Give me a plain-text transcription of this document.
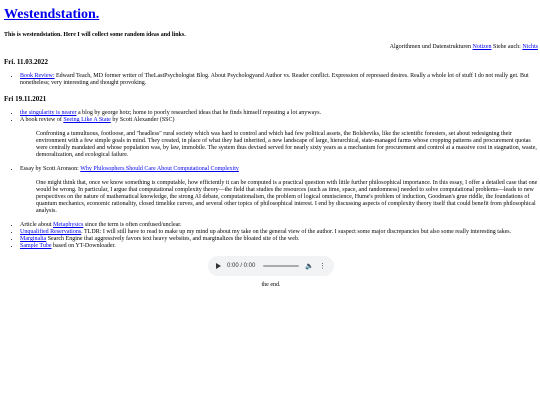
Westendstation.

This is westendstation. Here I will collect some random ideas and links.

Algorithmen und Datenstrukturen Notizen Siehe auch: Nichts
Fri. 11.03.2022
• Book Review: Edward Teach, MD former writer of TheLastPsychologist Blog. About Psychologyand Author vs. Reader conflict. Expression of repressed desires. Really a whole lot of stuff I do not really get. But nonetheless; very interesting and thought provoking.
Fri 19.11.2021
• the singularity is nearer a blog by george hotz; home to poorly researched ideas that he finds himself repeating a lot anyways.
• A book review of Seeing Like A State by Scott Alexander (SSC)
Confronting a tumultuous, footloose, and "headless" rural society which was hard to control and which had few political assets, the Bolsheviks, like the scientific foresters, set about redesigning their environment with a few simple goals in mind. They created, in place of what they had inherited, a new landscape of large, hierarchical, state-managed farms whose cropping patterns and procurement quotas were centrally mandated and whose population was, by law, immobile. The system thus devised served for nearly sixty years as a mechanism for procurement and control at a massive cost in stagnation, waste, demoralization, and ecological failure.
• Essay by Scott Aronson: Why Philosophers Should Care About Computational Complexity
One might think that, once we know something is computable, how efficiently it can be computed is a practical question with little further philosophical importance. In this essay, I offer a detailed case that one would be wrong. In particular, I argue that computational complexity theory—the field that studies the resources (such as time, space, and randomness) needed to solve computational problems—leads to new perspectives on the nature of mathematical knowledge, the strong AI debate, computationalism, the problem of logical omniscience, Hume's problem of induction, Goodman's grue riddle, the foundations of quantum mechanics, economic rationality, closed timelike curves, and several other topics of philosophical interest. I end by discussing aspects of complexity theory itself that could benefit from philosophical analysis.
• Article about Metaphysics since the term is often confused/unclear.
• Unqualified Reservations. TLDR: I will still have to read to make up my mind up about my take on the general view of the author. I suspect some major discrepancies but also some really interesting takes.
• Marginalia Search Engine that aggressively favors text heavy websites, and marginalizes the bloated site of the web.
• Sample Tube based on YT-Downloader.
0:00 / 0:00	🔈 ⋮
the end.
